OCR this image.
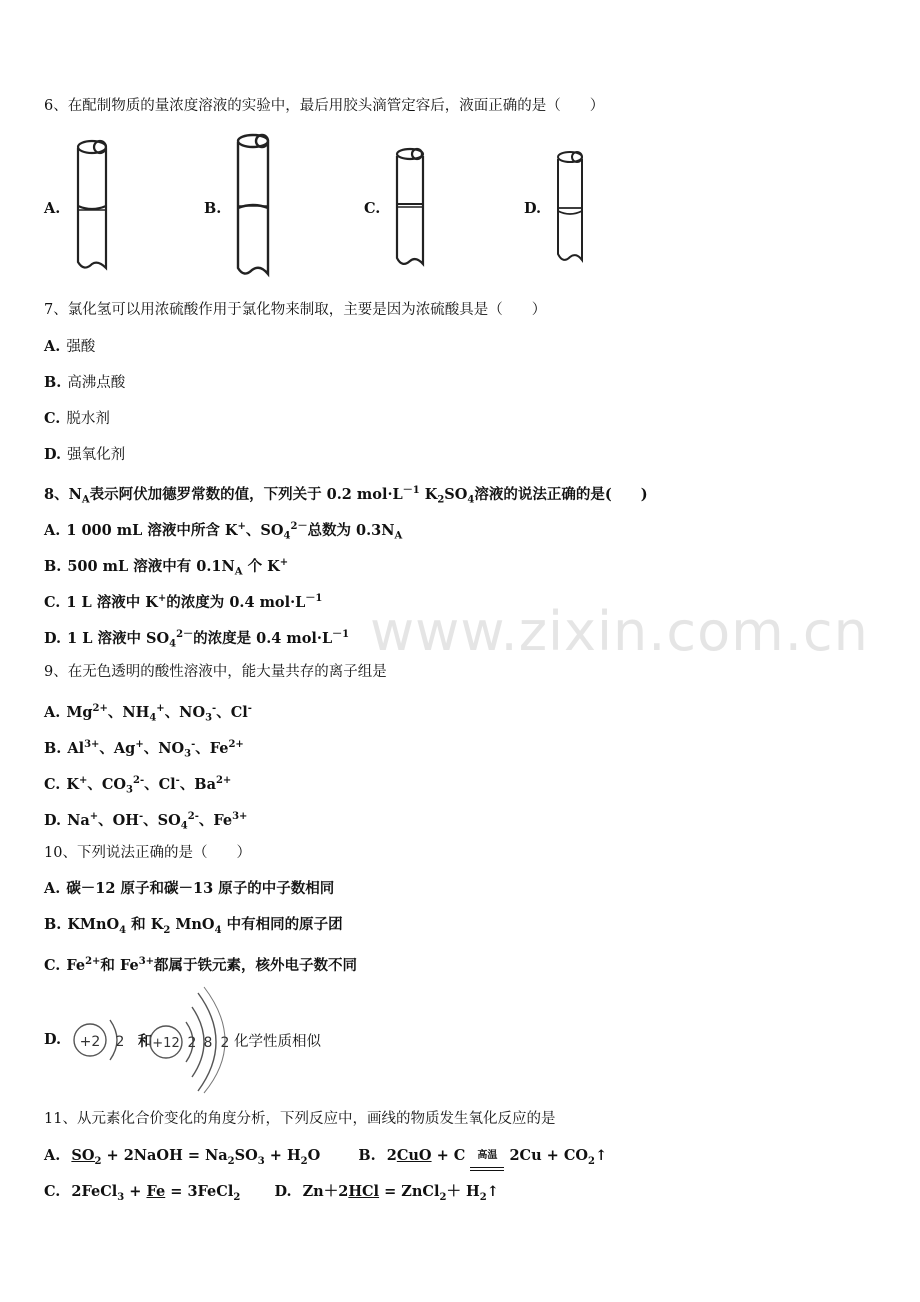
6、在配制物质的量浓度溶液的实验中，最后用胶头滴管定容后，液面正确的是（　　）
A.	B.	C.	D.
7、氯化氢可以用浓硫酸作用于氯化物来制取，主要是因为浓硫酸具是（　　）
A. 强酸
B. 高沸点酸
C. 脱水剂
D. 强氧化剂
8、$N_A$表示阿伏加德罗常数的值，下列关于 0.2 $mol\cdot L^{-1}$ $K_2SO_4$溶液的说法正确的是(　　)
A. 1 000 mL 溶液中所含 K+、$SO_4^{2-}$总数为 $0.3N_A$
B. 500 mL 溶液中有 $0.1N_A$ 个 K+
C. 1 L 溶液中 K+的浓度为 0.4 $mol\cdot L^{-1}$
D. 1 L 溶液中 $SO_4^{2-}$的浓度是 0.4 $mol\cdot L^{-1}$ www.zixin.com.cn
9、在无色透明的酸性溶液中，能大量共存的离子组是
A. $Mg^{2+}$、$NH_4^+$、$NO_3^-$、Cl-
B. $Al^{3+}$、Ag+、$NO_3^-$、$Fe^{2+}$
C. K+、$CO_3^{2-}$、Cl-、$Ba^{2+}$
D. Na+、OH-、$SO_4^{2-}$、$Fe^{3+}$
10、下列说法正确的是（　　）
A. 碳－12 原子和碳－13 原子的中子数相同
B. KMnO$_4$ 和 $K_2$ MnO$_4$ 中有相同的原子团
C. $Fe^{2+}$和 $Fe^{3+}$都属于铁元素，核外电子数不同
D. +2 2 和 +12 2 8 2 化学性质相似
11、从元素化合价变化的角度分析，下列反应中，画线的物质发生氧化反应的是
A. $SO_2$ + 2NaOH = $Na_2SO_3 + H_2O$  B. 2CuO + C 高温
$2Cu + CO_2↑$
C. 2FeCl$_3$ + Fe = 3FeCl$_2$ D. Zn＋2HCl = ZnCl$_2$＋ $H_2↑$
